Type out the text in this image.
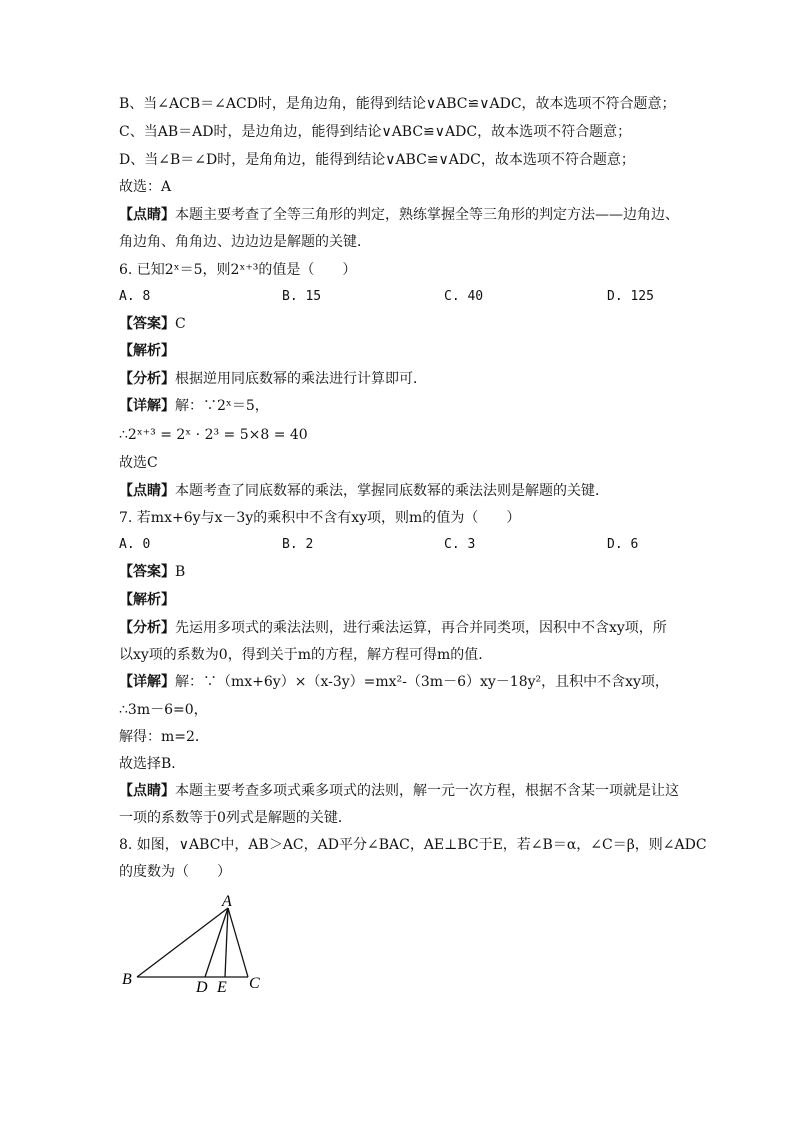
B、当∠ACB＝∠ACD时，是角边角，能得到结论∨ABC≌∨ADC，故本选项不符合题意；
C、当AB＝AD时，是边角边，能得到结论∨ABC≌∨ADC，故本选项不符合题意；
D、当∠B＝∠D时，是角角边，能得到结论∨ABC≌∨ADC，故本选项不符合题意；
故选：A
【点睛】本题主要考查了全等三角形的判定，熟练掌握全等三角形的判定方法——边角边、
角边角、角角边、边边边是解题的关键．
6. 已知2ˣ＝5，则2ˣ⁺³的值是（　　）
A. 8	B. 15	C. 40	D. 125
【答案】C
【解析】
【分析】根据逆用同底数幂的乘法进行计算即可．
【详解】解：∵2ˣ＝5，
∴2ˣ⁺³ = 2ˣ · 2³ = 5×8 = 40
故选C
【点睛】本题考查了同底数幂的乘法，掌握同底数幂的乘法法则是解题的关键．
7. 若mx+6y与x－3y的乘积中不含有xy项，则m的值为（　　）
A. 0	B. 2	C. 3	D. 6
【答案】B
【解析】
【分析】先运用多项式的乘法法则，进行乘法运算，再合并同类项，因积中不含xy项，所
以xy项的系数为0，得到关于m的方程，解方程可得m的值.
【详解】解：∵（mx+6y）×（x-3y）=mx²-（3m－6）xy－18y²，且积中不含xy项，
∴3m－6=0，
解得：m=2．
故选择B．
【点睛】本题主要考查多项式乘多项式的法则，解一元一次方程，根据不含某一项就是让这
一项的系数等于0列式是解题的关键．
8. 如图，∨ABC中，AB＞AC，AD平分∠BAC，AE⊥BC于E，若∠B＝α，∠C＝β，则∠ADC
的度数为（　　）
A
B	C
D E
